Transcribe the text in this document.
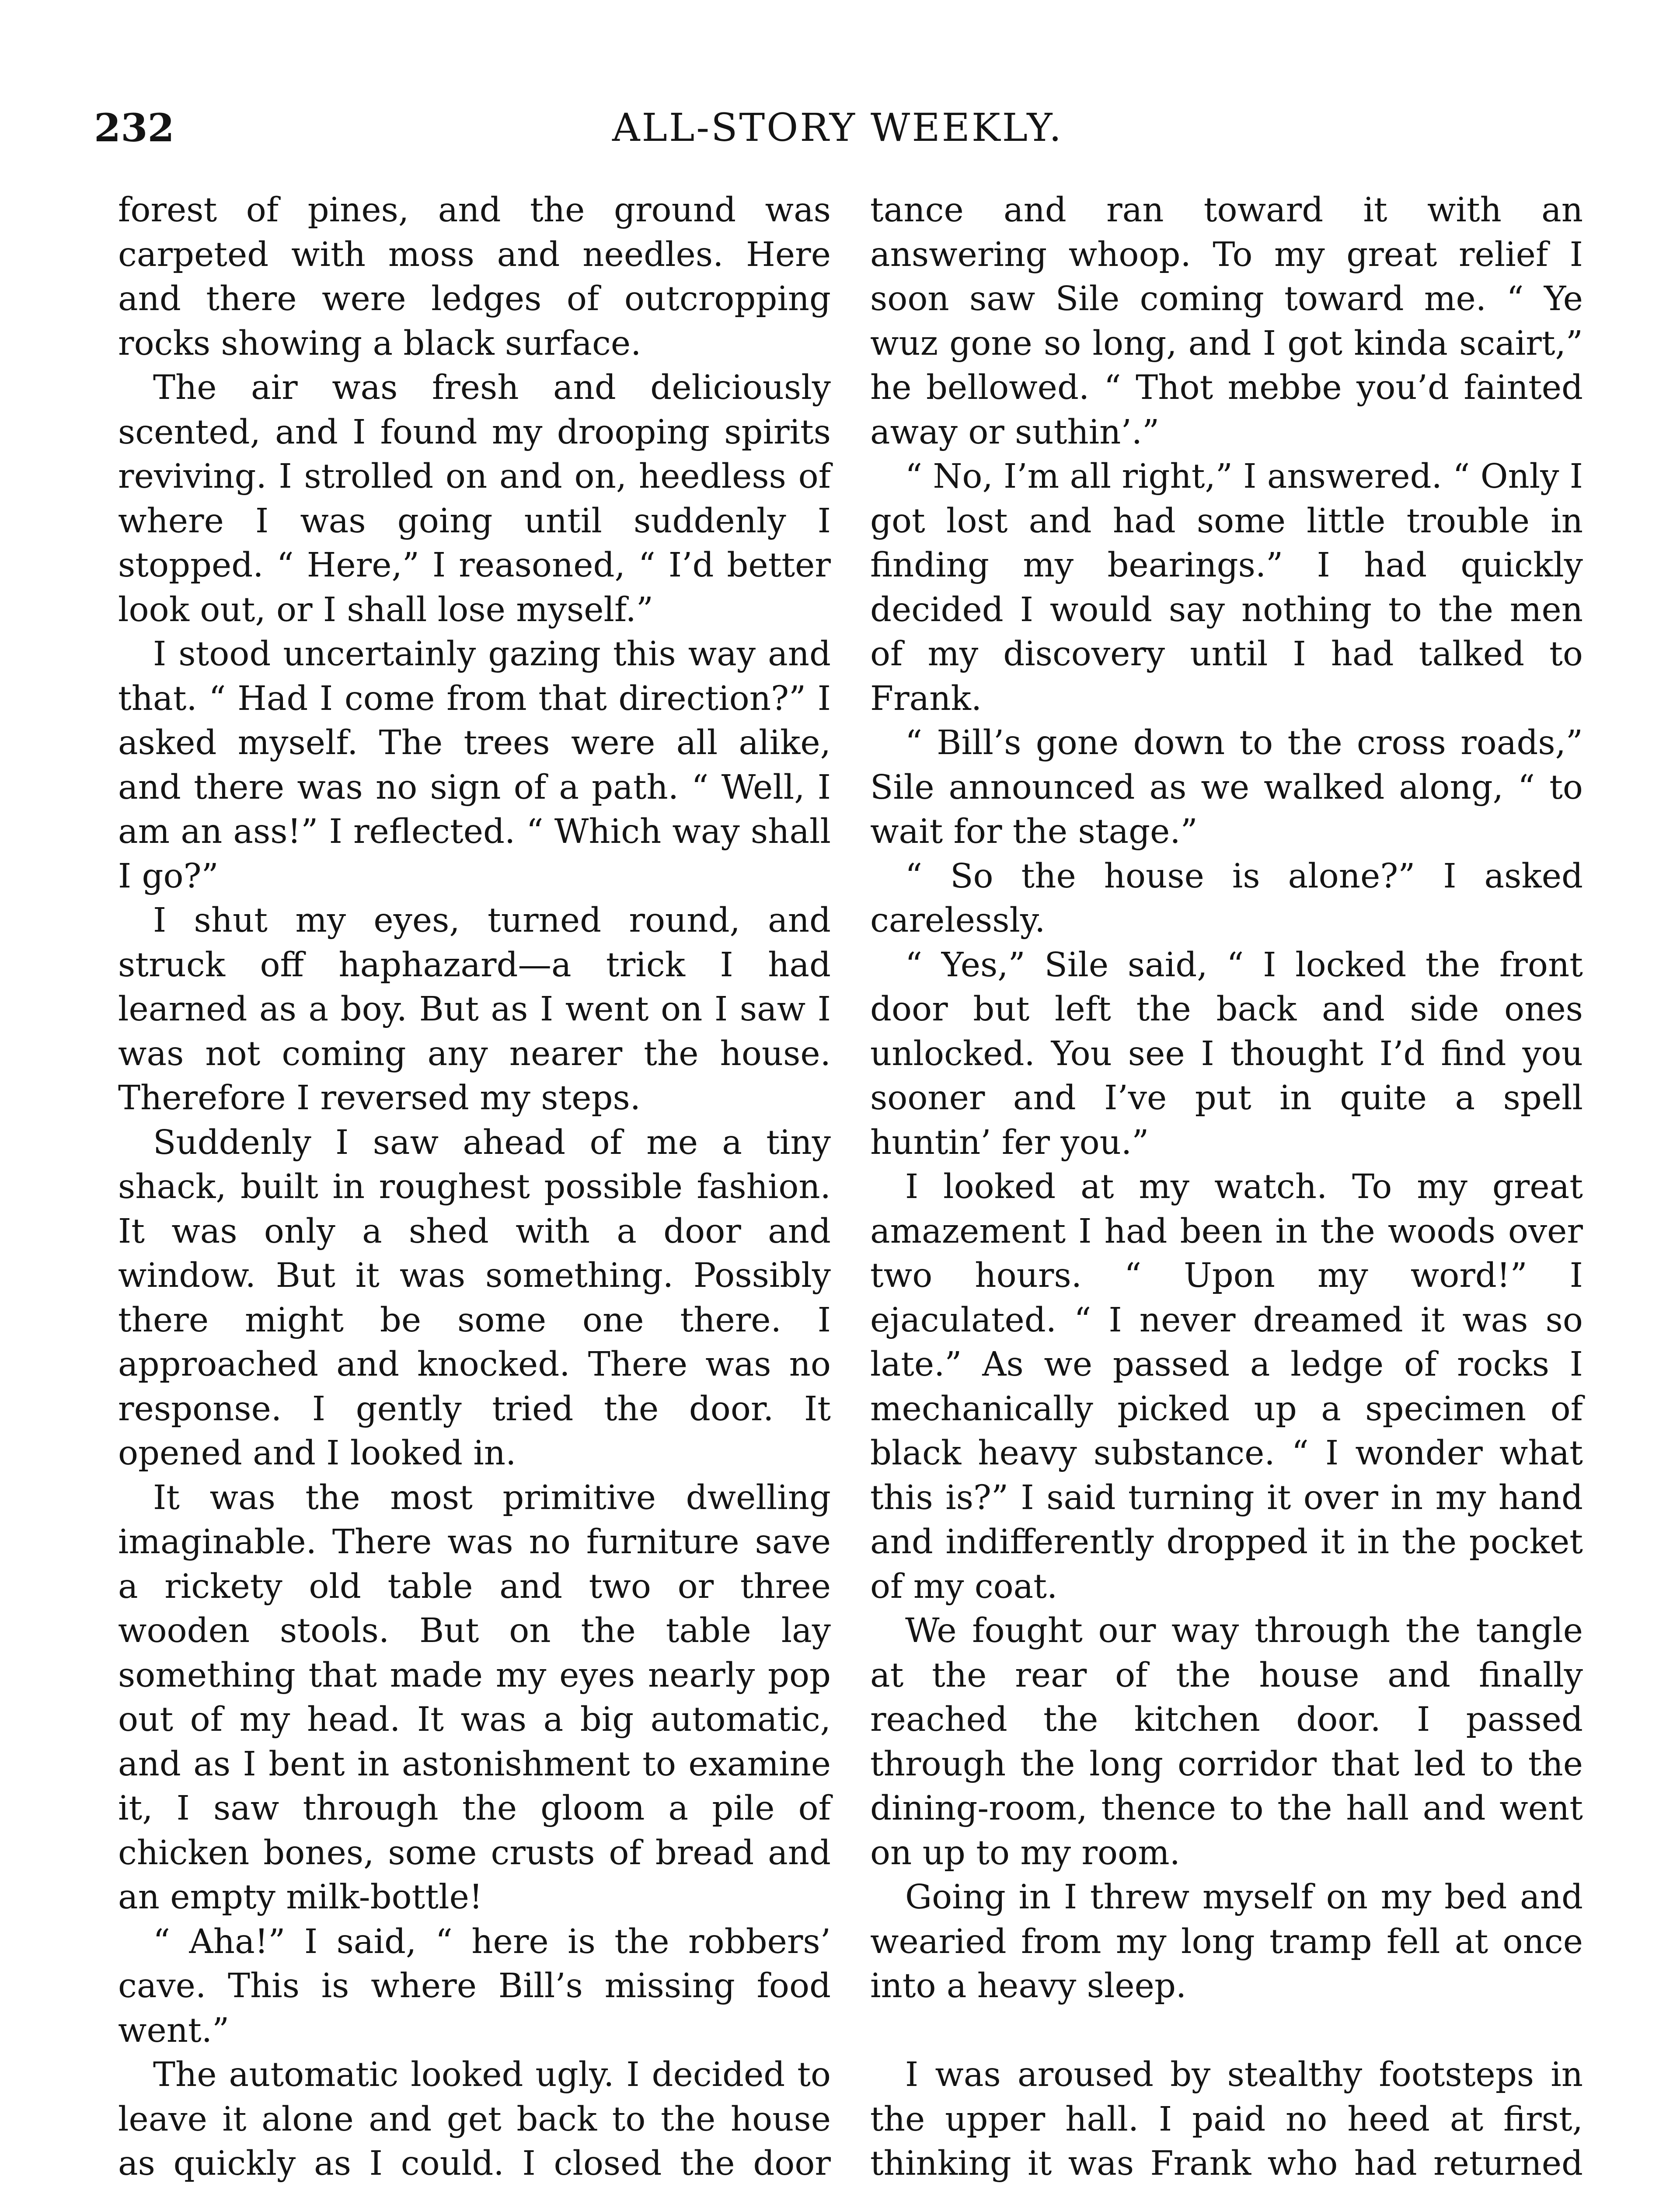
232	ALL-STORY WEEKLY.

forest of pines, and the ground was carpeted with moss and needles. Here and there were ledges of outcropping rocks showing a black surface.

The air was fresh and deliciously scented, and I found my drooping spirits reviving. I strolled on and on, heedless of where I was going until suddenly I stopped. “ Here,” I reasoned, “ I’d better look out, or I shall lose myself.”

I stood uncertainly gazing this way and that. “ Had I come from that direction?” I asked myself. The trees were all alike, and there was no sign of a path. “ Well, I am an ass!” I reflected. “ Which way shall I go?”

I shut my eyes, turned round, and struck off haphazard—a trick I had learned as a boy. But as I went on I saw I was not coming any nearer the house. Therefore I reversed my steps.

Suddenly I saw ahead of me a tiny shack, built in roughest possible fashion. It was only a shed with a door and window. But it was something. Possibly there might be some one there. I approached and knocked. There was no response. I gently tried the door. It opened and I looked in.

It was the most primitive dwelling imaginable. There was no furniture save a rickety old table and two or three wooden stools. But on the table lay something that made my eyes nearly pop out of my head. It was a big automatic, and as I bent in astonishment to examine it, I saw through the gloom a pile of chicken bones, some crusts of bread and an empty milk-bottle!

“ Aha!” I said, “ here is the robbers’ cave. This is where Bill’s missing food went.”

The automatic looked ugly. I decided to leave it alone and get back to the house as quickly as I could. I closed the door

tance and ran toward it with an answering whoop. To my great relief I soon saw Sile coming toward me. “ Ye wuz gone so long, and I got kinda scairt,” he bellowed. “ Thot mebbe you’d fainted away or suthin’.”

“ No, I’m all right,” I answered. “ Only I got lost and had some little trouble in finding my bearings.” I had quickly decided I would say nothing to the men of my discovery until I had talked to Frank.

“ Bill’s gone down to the cross roads,” Sile announced as we walked along, “ to wait for the stage.”

“ So the house is alone?” I asked carelessly.

“ Yes,” Sile said, “ I locked the front door but left the back and side ones unlocked. You see I thought I’d find you sooner and I’ve put in quite a spell huntin’ fer you.”

I looked at my watch. To my great amazement I had been in the woods over two hours. “ Upon my word!” I ejaculated. “ I never dreamed it was so late.” As we passed a ledge of rocks I mechanically picked up a specimen of black heavy substance. “ I wonder what this is?” I said turning it over in my hand and indifferently dropped it in the pocket of my coat.

We fought our way through the tangle at the rear of the house and finally reached the kitchen door. I passed through the long corridor that led to the dining-room, thence to the hall and went on up to my room.

Going in I threw myself on my bed and wearied from my long tramp fell at once into a heavy sleep.

I was aroused by stealthy footsteps in the upper hall. I paid no heed at first, thinking it was Frank who had returned
